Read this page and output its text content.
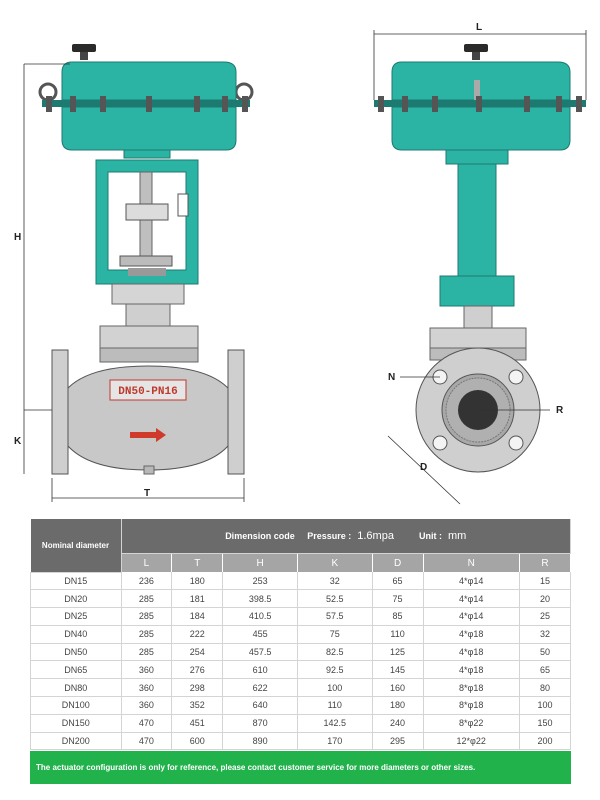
DN50-PN16
H
K
T
L
N
R
D
Nominal diameter	Dimension code Pressure : 1.6mpa Unit : mm						
	L	T	H	K	D	N	R
DN15	236	180	253	32	65	4*φ14	15
DN20	285	181	398.5	52.5	75	4*φ14	20
DN25	285	184	410.5	57.5	85	4*φ14	25
DN40	285	222	455	75	110	4*φ18	32
DN50	285	254	457.5	82.5	125	4*φ18	50
DN65	360	276	610	92.5	145	4*φ18	65
DN80	360	298	622	100	160	8*φ18	80
DN100	360	352	640	110	180	8*φ18	100
DN150	470	451	870	142.5	240	8*φ22	150
DN200	470	600	890	170	295	12*φ22	200
The actuator configuration is only for reference, please contact customer service for more diameters or other sizes.
